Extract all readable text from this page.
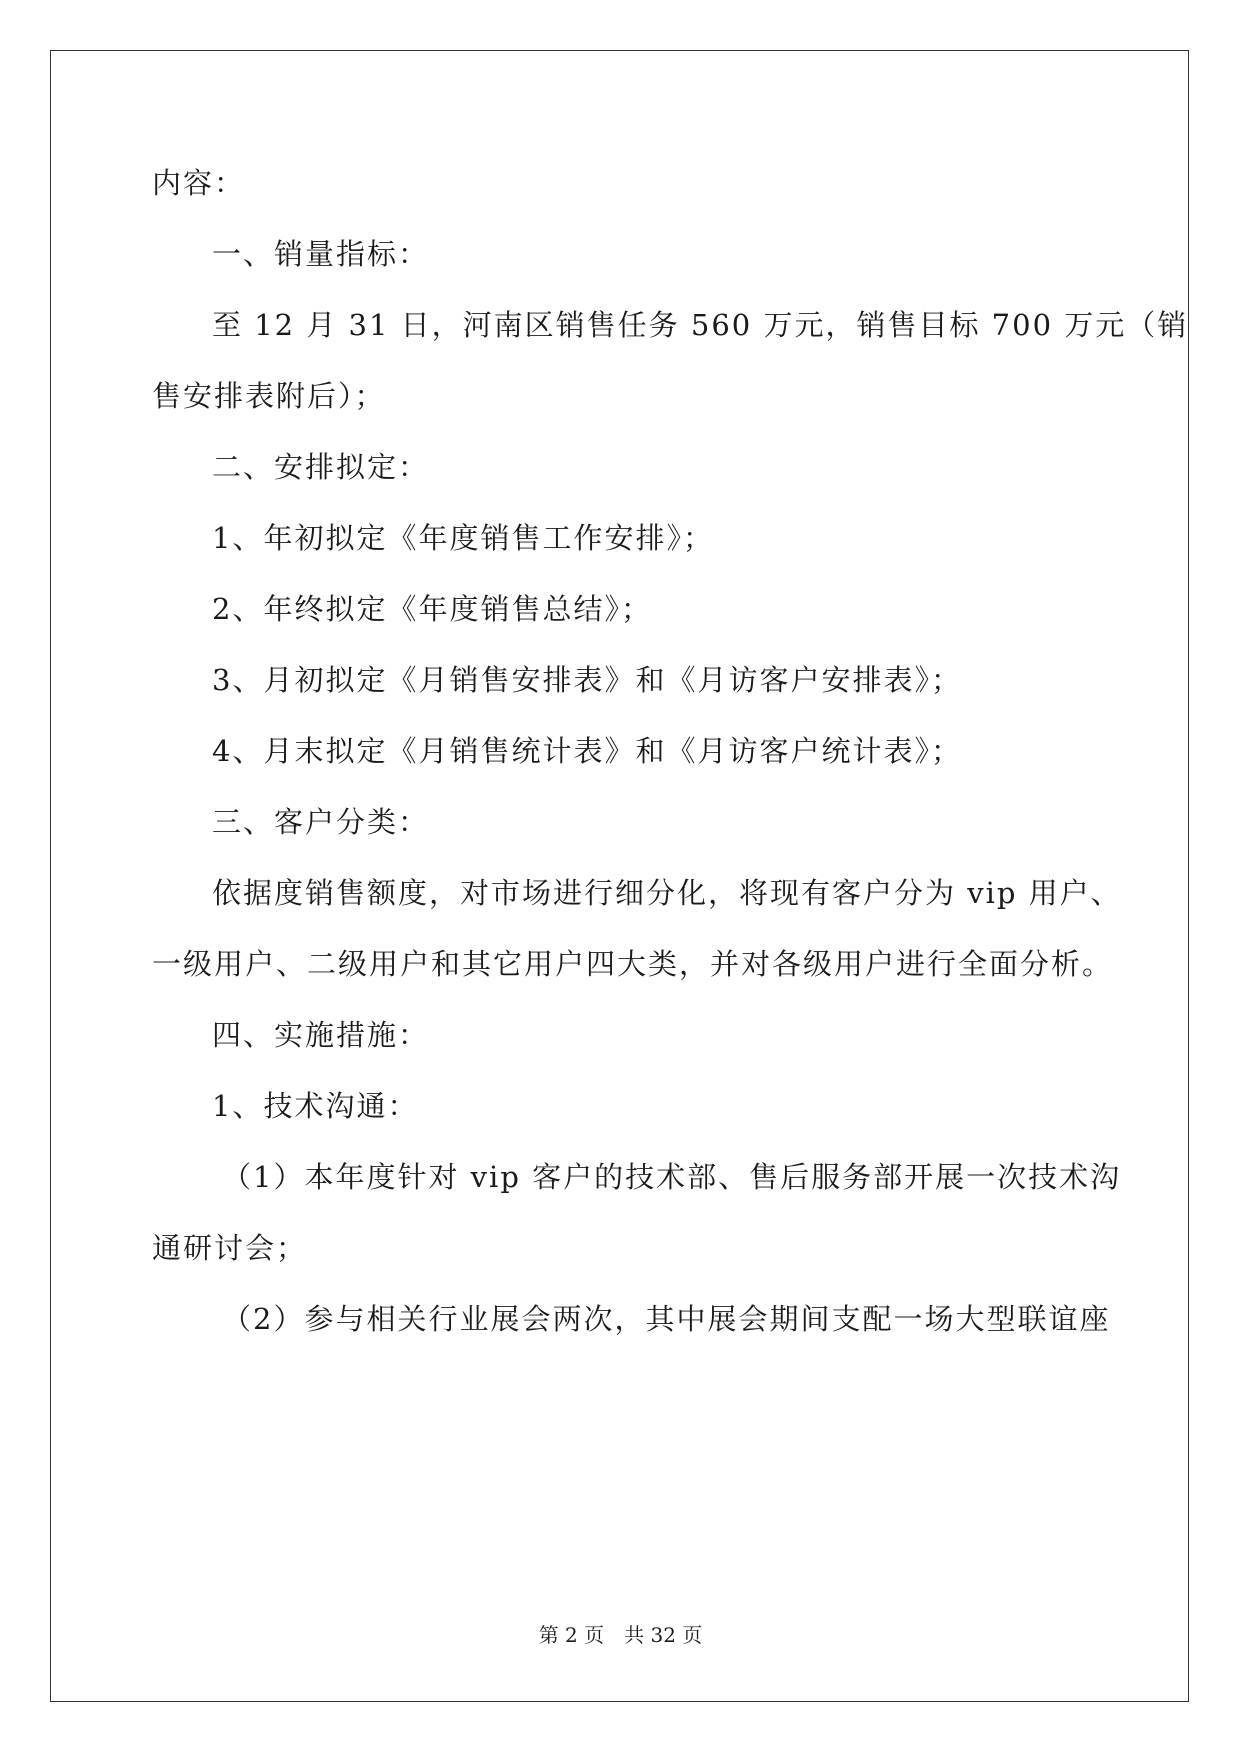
内容：
一、销量指标：
至 12 月 31 日，河南区销售任务 560 万元，销售目标 700 万元（销
售安排表附后）；
二、安排拟定：
1、年初拟定《年度销售工作安排》；
2、年终拟定《年度销售总结》；
3、月初拟定《月销售安排表》和《月访客户安排表》；
4、月末拟定《月销售统计表》和《月访客户统计表》；
三、客户分类：
依据度销售额度，对市场进行细分化，将现有客户分为 vip 用户、
一级用户、二级用户和其它用户四大类，并对各级用户进行全面分析。
四、实施措施：
1、技术沟通：
（1）本年度针对 vip 客户的技术部、售后服务部开展一次技术沟
通研讨会；
（2）参与相关行业展会两次，其中展会期间支配一场大型联谊座
第 2 页　共 32 页
